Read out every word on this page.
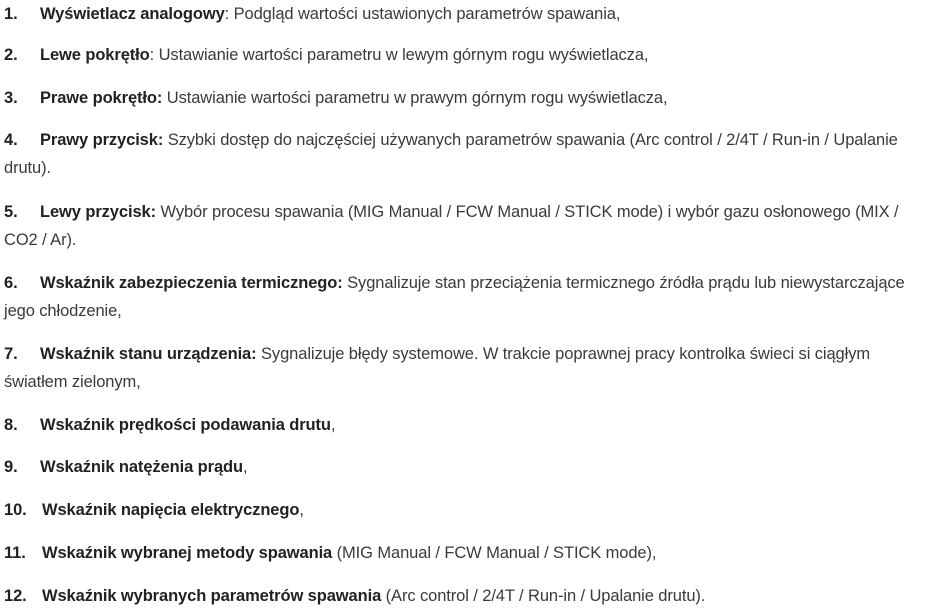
1. Wyświetlacz analogowy: Podgląd wartości ustawionych parametrów spawania,

2. Lewe pokrętło: Ustawianie wartości parametru w lewym górnym rogu wyświetlacza,

3. Prawe pokrętło: Ustawianie wartości parametru w prawym górnym rogu wyświetlacza,

4. Prawy przycisk: Szybki dostęp do najczęściej używanych parametrów spawania (Arc control / 2/4T / Run-in / Upalanie drutu).

5. Lewy przycisk: Wybór procesu spawania (MIG Manual / FCW Manual / STICK mode) i wybór gazu osłonowego (MIX / CO2 / Ar).

6. Wskaźnik zabezpieczenia termicznego: Sygnalizuje stan przeciążenia termicznego źródła prądu lub niewystarczające jego chłodzenie,

7. Wskaźnik stanu urządzenia: Sygnalizuje błędy systemowe. W trakcie poprawnej pracy kontrolka świeci si ciągłym światłem zielonym,

8. Wskaźnik prędkości podawania drutu,

9. Wskaźnik natężenia prądu,

10. Wskaźnik napięcia elektrycznego,

11. Wskaźnik wybranej metody spawania (MIG Manual / FCW Manual / STICK mode),

12. Wskaźnik wybranych parametrów spawania (Arc control / 2/4T / Run-in / Upalanie drutu).
